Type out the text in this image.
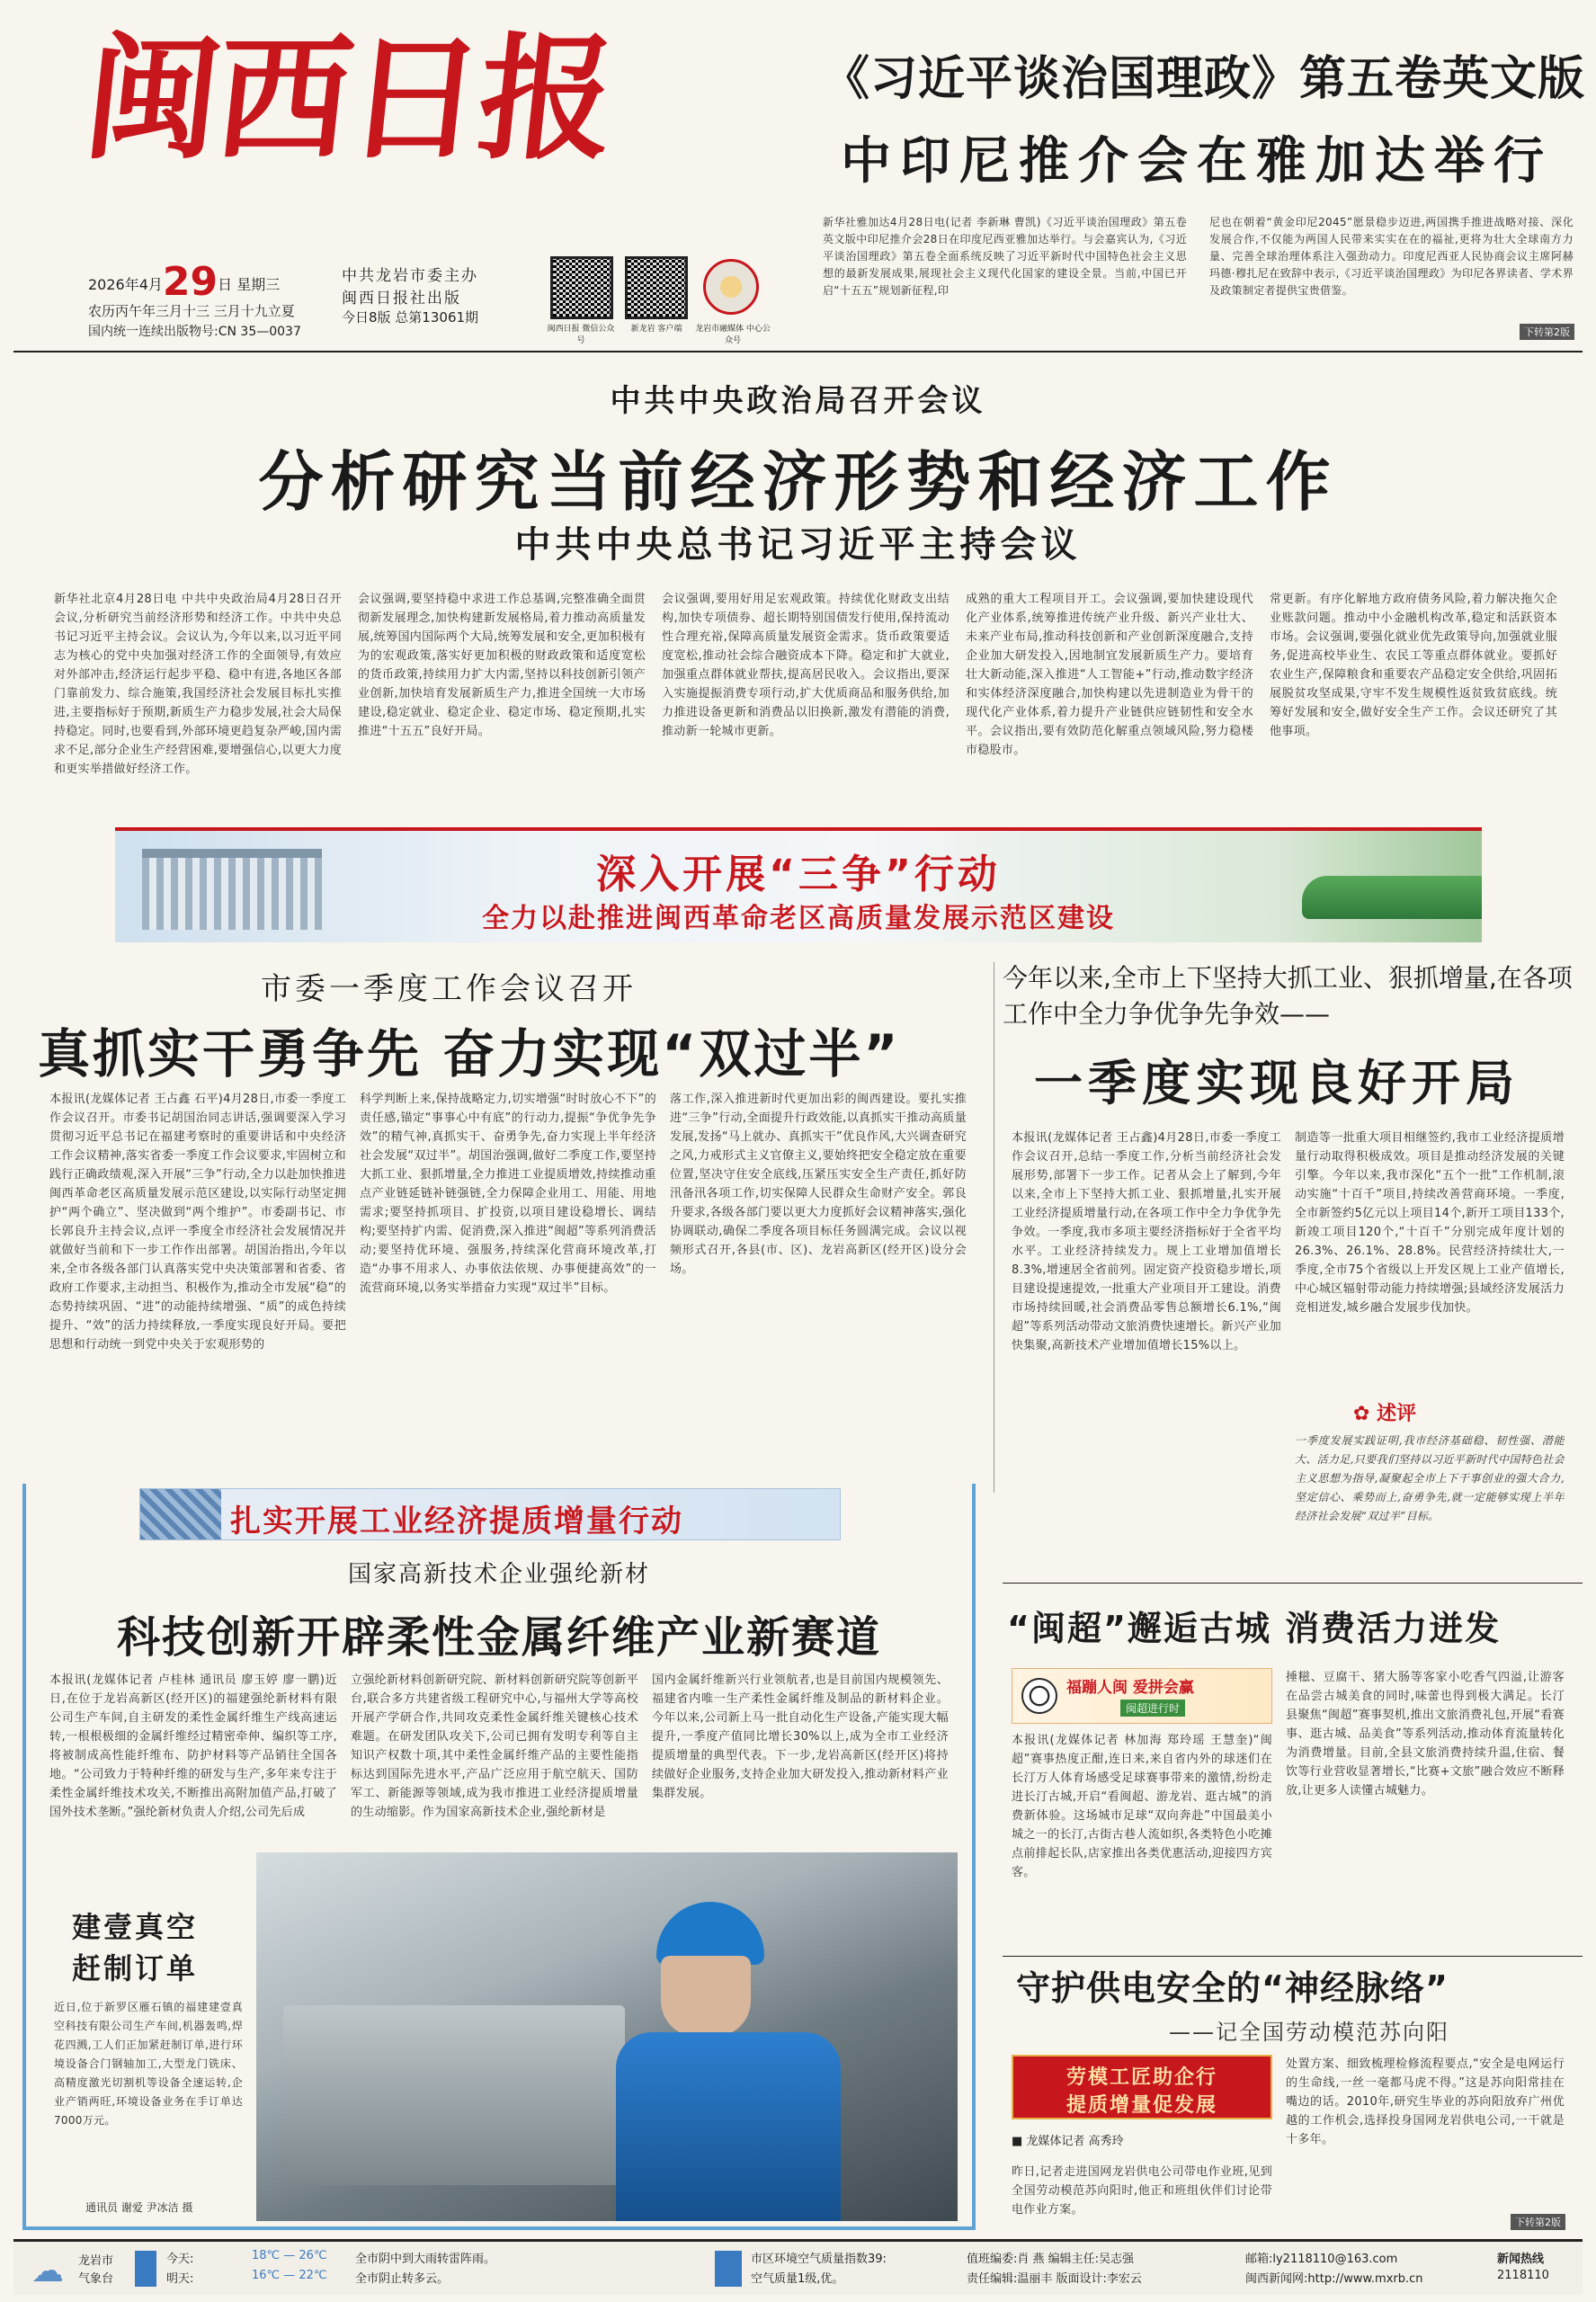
闽西日报
2026年4月29日 星期三
农历丙午年三月十三 三月十九立夏
国内统一连续出版物号:CN 35—0037
中共龙岩市委主办
闽西日报社出版
今日8版 总第13061期
闽西日报 微信公众号
新龙岩 客户端	龙岩市融媒体 中心公众号
《习近平谈治国理政》第五卷英文版
中印尼推介会在雅加达举行
新华社雅加达4月28日电(记者 李新琳 曹凯)《习近平谈治国理政》第五卷英文版中印尼推介会28日在印度尼西亚雅加达举行。与会嘉宾认为,《习近平谈治国理政》第五卷全面系统反映了习近平新时代中国特色社会主义思想的最新发展成果,展现社会主义现代化国家的建设全景。当前,中国已开启“十五五”规划新征程,印
尼也在朝着“黄金印尼2045”愿景稳步迈进,两国携手推进战略对接、深化发展合作,不仅能为两国人民带来实实在在的福祉,更将为壮大全球南方力量、完善全球治理体系注入强劲动力。印度尼西亚人民协商会议主席阿赫玛德·穆扎尼在致辞中表示,《习近平谈治国理政》为印尼各界读者、学术界及政策制定者提供宝贵借鉴。
下转第2版
中共中央政治局召开会议
分析研究当前经济形势和经济工作
中共中央总书记习近平主持会议
新华社北京4月28日电 中共中央政治局4月28日召开会议,分析研究当前经济形势和经济工作。中共中央总书记习近平主持会议。会议认为,今年以来,以习近平同志为核心的党中央加强对经济工作的全面领导,有效应对外部冲击,经济运行起步平稳、稳中有进,各地区各部门靠前发力、综合施策,我国经济社会发展目标扎实推进,主要指标好于预期,新质生产力稳步发展,社会大局保持稳定。同时,也要看到,外部环境更趋复杂严峻,国内需求不足,部分企业生产经营困难,要增强信心,以更大力度和更实举措做好经济工作。
会议强调,要坚持稳中求进工作总基调,完整准确全面贯彻新发展理念,加快构建新发展格局,着力推动高质量发展,统筹国内国际两个大局,统筹发展和安全,更加积极有为的宏观政策,落实好更加积极的财政政策和适度宽松的货币政策,持续用力扩大内需,坚持以科技创新引领产业创新,加快培育发展新质生产力,推进全国统一大市场建设,稳定就业、稳定企业、稳定市场、稳定预期,扎实推进“十五五”良好开局。
会议强调,要用好用足宏观政策。持续优化财政支出结构,加快专项债券、超长期特别国债发行使用,保持流动性合理充裕,保障高质量发展资金需求。货币政策要适度宽松,推动社会综合融资成本下降。稳定和扩大就业,加强重点群体就业帮扶,提高居民收入。会议指出,要深入实施提振消费专项行动,扩大优质商品和服务供给,加力推进设备更新和消费品以旧换新,激发有潜能的消费,推动新一轮城市更新。
成熟的重大工程项目开工。会议强调,要加快建设现代化产业体系,统筹推进传统产业升级、新兴产业壮大、未来产业布局,推动科技创新和产业创新深度融合,支持企业加大研发投入,因地制宜发展新质生产力。要培育壮大新动能,深入推进“人工智能+”行动,推动数字经济和实体经济深度融合,加快构建以先进制造业为骨干的现代化产业体系,着力提升产业链供应链韧性和安全水平。会议指出,要有效防范化解重点领域风险,努力稳楼市稳股市。
常更新。有序化解地方政府债务风险,着力解决拖欠企业账款问题。推动中小金融机构改革,稳定和活跃资本市场。会议强调,要强化就业优先政策导向,加强就业服务,促进高校毕业生、农民工等重点群体就业。要抓好农业生产,保障粮食和重要农产品稳定安全供给,巩固拓展脱贫攻坚成果,守牢不发生规模性返贫致贫底线。统筹好发展和安全,做好安全生产工作。会议还研究了其他事项。
深入开展“三争”行动
全力以赴推进闽西革命老区高质量发展示范区建设
市委一季度工作会议召开
真抓实干勇争先 奋力实现“双过半”
本报讯(龙媒体记者 王占鑫 石平)4月28日,市委一季度工作会议召开。市委书记胡国治同志讲话,强调要深入学习贯彻习近平总书记在福建考察时的重要讲话和中央经济工作会议精神,落实省委一季度工作会议要求,牢固树立和践行正确政绩观,深入开展“三争”行动,全力以赴加快推进闽西革命老区高质量发展示范区建设,以实际行动坚定拥护“两个确立”、坚决做到“两个维护”。市委副书记、市长郭良升主持会议,点评一季度全市经济社会发展情况并就做好当前和下一步工作作出部署。胡国治指出,今年以来,全市各级各部门认真落实党中央决策部署和省委、省政府工作要求,主动担当、积极作为,推动全市发展“稳”的态势持续巩固、“进”的动能持续增强、“质”的成色持续提升、“效”的活力持续释放,一季度实现良好开局。要把思想和行动统一到党中央关于宏观形势的
科学判断上来,保持战略定力,切实增强“时时放心不下”的责任感,锚定“事事心中有底”的行动力,提振“争优争先争效”的精气神,真抓实干、奋勇争先,奋力实现上半年经济社会发展“双过半”。胡国治强调,做好二季度工作,要坚持大抓工业、狠抓增量,全力推进工业提质增效,持续推动重点产业链延链补链强链,全力保障企业用工、用能、用地需求;要坚持抓项目、扩投资,以项目建设稳增长、调结构;要坚持扩内需、促消费,深入推进“闽超”等系列消费活动;要坚持优环境、强服务,持续深化营商环境改革,打造“办事不用求人、办事依法依规、办事便捷高效”的一流营商环境,以务实举措奋力实现“双过半”目标。
落工作,深入推进新时代更加出彩的闽西建设。要扎实推进“三争”行动,全面提升行政效能,以真抓实干推动高质量发展,发扬“马上就办、真抓实干”优良作风,大兴调查研究之风,力戒形式主义官僚主义,要始终把安全稳定放在重要位置,坚决守住安全底线,压紧压实安全生产责任,抓好防汛备汛各项工作,切实保障人民群众生命财产安全。郭良升要求,各级各部门要以更大力度抓好会议精神落实,强化协调联动,确保二季度各项目标任务圆满完成。会议以视频形式召开,各县(市、区)、龙岩高新区(经开区)设分会场。
今年以来,全市上下坚持大抓工业、狠抓增量,在各项工作中全力争优争先争效——
一季度实现良好开局
本报讯(龙媒体记者 王占鑫)4月28日,市委一季度工作会议召开,总结一季度工作,分析当前经济社会发展形势,部署下一步工作。记者从会上了解到,今年以来,全市上下坚持大抓工业、狠抓增量,扎实开展工业经济提质增量行动,在各项工作中全力争优争先争效。一季度,我市多项主要经济指标好于全省平均水平。工业经济持续发力。规上工业增加值增长8.3%,增速居全省前列。固定资产投资稳步增长,项目建设提速提效,一批重大产业项目开工建设。消费市场持续回暖,社会消费品零售总额增长6.1%,“闽超”等系列活动带动文旅消费快速增长。新兴产业加快集聚,高新技术产业增加值增长15%以上。
制造等一批重大项目相继签约,我市工业经济提质增量行动取得积极成效。项目是推动经济发展的关键引擎。今年以来,我市深化“五个一批”工作机制,滚动实施“十百千”项目,持续改善营商环境。一季度,全市新签约5亿元以上项目14个,新开工项目133个,新竣工项目120个,“十百千”分别完成年度计划的26.3%、26.1%、28.8%。民营经济持续壮大,一季度,全市75个省级以上开发区规上工业产值增长,中心城区辐射带动能力持续增强;县域经济发展活力竞相迸发,城乡融合发展步伐加快。
✿ 述评
一季度发展实践证明,我市经济基础稳、韧性强、潜能大、活力足,只要我们坚持以习近平新时代中国特色社会主义思想为指导,凝聚起全市上下干事创业的强大合力,坚定信心、乘势而上,奋勇争先,就一定能够实现上半年经济社会发展“双过半”目标。
扎实开展工业经济提质增量行动
国家高新技术企业强纶新材
科技创新开辟柔性金属纤维产业新赛道
本报讯(龙媒体记者 卢桂林 通讯员 廖玉婷 廖一鹏)近日,在位于龙岩高新区(经开区)的福建强纶新材料有限公司生产车间,自主研发的柔性金属纤维生产线高速运转,一根根极细的金属纤维经过精密牵伸、编织等工序,将被制成高性能纤维布、防护材料等产品销往全国各地。“公司致力于特种纤维的研发与生产,多年来专注于柔性金属纤维技术攻关,不断推出高附加值产品,打破了国外技术垄断。”强纶新材负责人介绍,公司先后成
立强纶新材料创新研究院、新材料创新研究院等创新平台,联合多方共建省级工程研究中心,与福州大学等高校开展产学研合作,共同攻克柔性金属纤维关键核心技术难题。在研发团队攻关下,公司已拥有发明专利等自主知识产权数十项,其中柔性金属纤维产品的主要性能指标达到国际先进水平,产品广泛应用于航空航天、国防军工、新能源等领域,成为我市推进工业经济提质增量的生动缩影。作为国家高新技术企业,强纶新材是
国内金属纤维新兴行业领航者,也是目前国内规模领先、福建省内唯一生产柔性金属纤维及制品的新材料企业。今年以来,公司新上马一批自动化生产设备,产能实现大幅提升,一季度产值同比增长30%以上,成为全市工业经济提质增量的典型代表。下一步,龙岩高新区(经开区)将持续做好企业服务,支持企业加大研发投入,推动新材料产业集群发展。
建壹真空
赶制订单
近日,位于新罗区雁石镇的福建建壹真空科技有限公司生产车间,机器轰鸣,焊花四溅,工人们正加紧赶制订单,进行环境设备合门钢轴加工,大型龙门铣床、高精度激光切割机等设备全速运转,企业产销两旺,环境设备业务在手订单达7000万元。
通讯员 谢爱 尹冰洁 摄
“闽超”邂逅古城 消费活力迸发
福蹦人闽 爱拼会赢
闽超进行时
本报讯(龙媒体记者 林加海 郑玲瑶 王慧奎)“闽超”赛事热度正酣,连日来,来自省内外的球迷们在长汀万人体育场感受足球赛事带来的激情,纷纷走进长汀古城,开启“看闽超、游龙岩、逛古城”的消费新体验。这场城市足球“双向奔赴”中国最美小城之一的长汀,古街古巷人流如织,各类特色小吃摊点前排起长队,店家推出各类优惠活动,迎接四方宾客。
捶糍、豆腐干、猪大肠等客家小吃香气四溢,让游客在品尝古城美食的同时,味蕾也得到极大满足。长汀县聚焦“闽超”赛事契机,推出文旅消费礼包,开展“看赛事、逛古城、品美食”等系列活动,推动体育流量转化为消费增量。目前,全县文旅消费持续升温,住宿、餐饮等行业营收显著增长,“比赛+文旅”融合效应不断释放,让更多人读懂古城魅力。
守护供电安全的“神经脉络”
——记全国劳动模范苏向阳
劳模工匠助企行
提质增量促发展
■ 龙媒体记者 高秀玲
昨日,记者走进国网龙岩供电公司带电作业班,见到全国劳动模范苏向阳时,他正和班组伙伴们讨论带电作业方案。
处置方案、细致梳理检修流程要点,“安全是电网运行的生命线,一丝一毫都马虎不得。”这是苏向阳常挂在嘴边的话。2010年,研究生毕业的苏向阳放弃广州优越的工作机会,选择投身国网龙岩供电公司,一干就是十多年。
下转第2版
☁ 龙岩市
气象台
今天:	18℃ — 26℃ 全市阴中到大雨转雷阵雨。
明天:	16℃ — 22℃ 全市阴止转多云。
市区环境空气质量指数39:
空气质量1级,优。
值班编委:肖 燕 编辑主任:吴志强
责任编辑:温丽丰 版面设计:李宏云
邮箱:ly2118110@163.com
闽西新闻网:http://www.mxrb.cn
新闻热线
2118110
